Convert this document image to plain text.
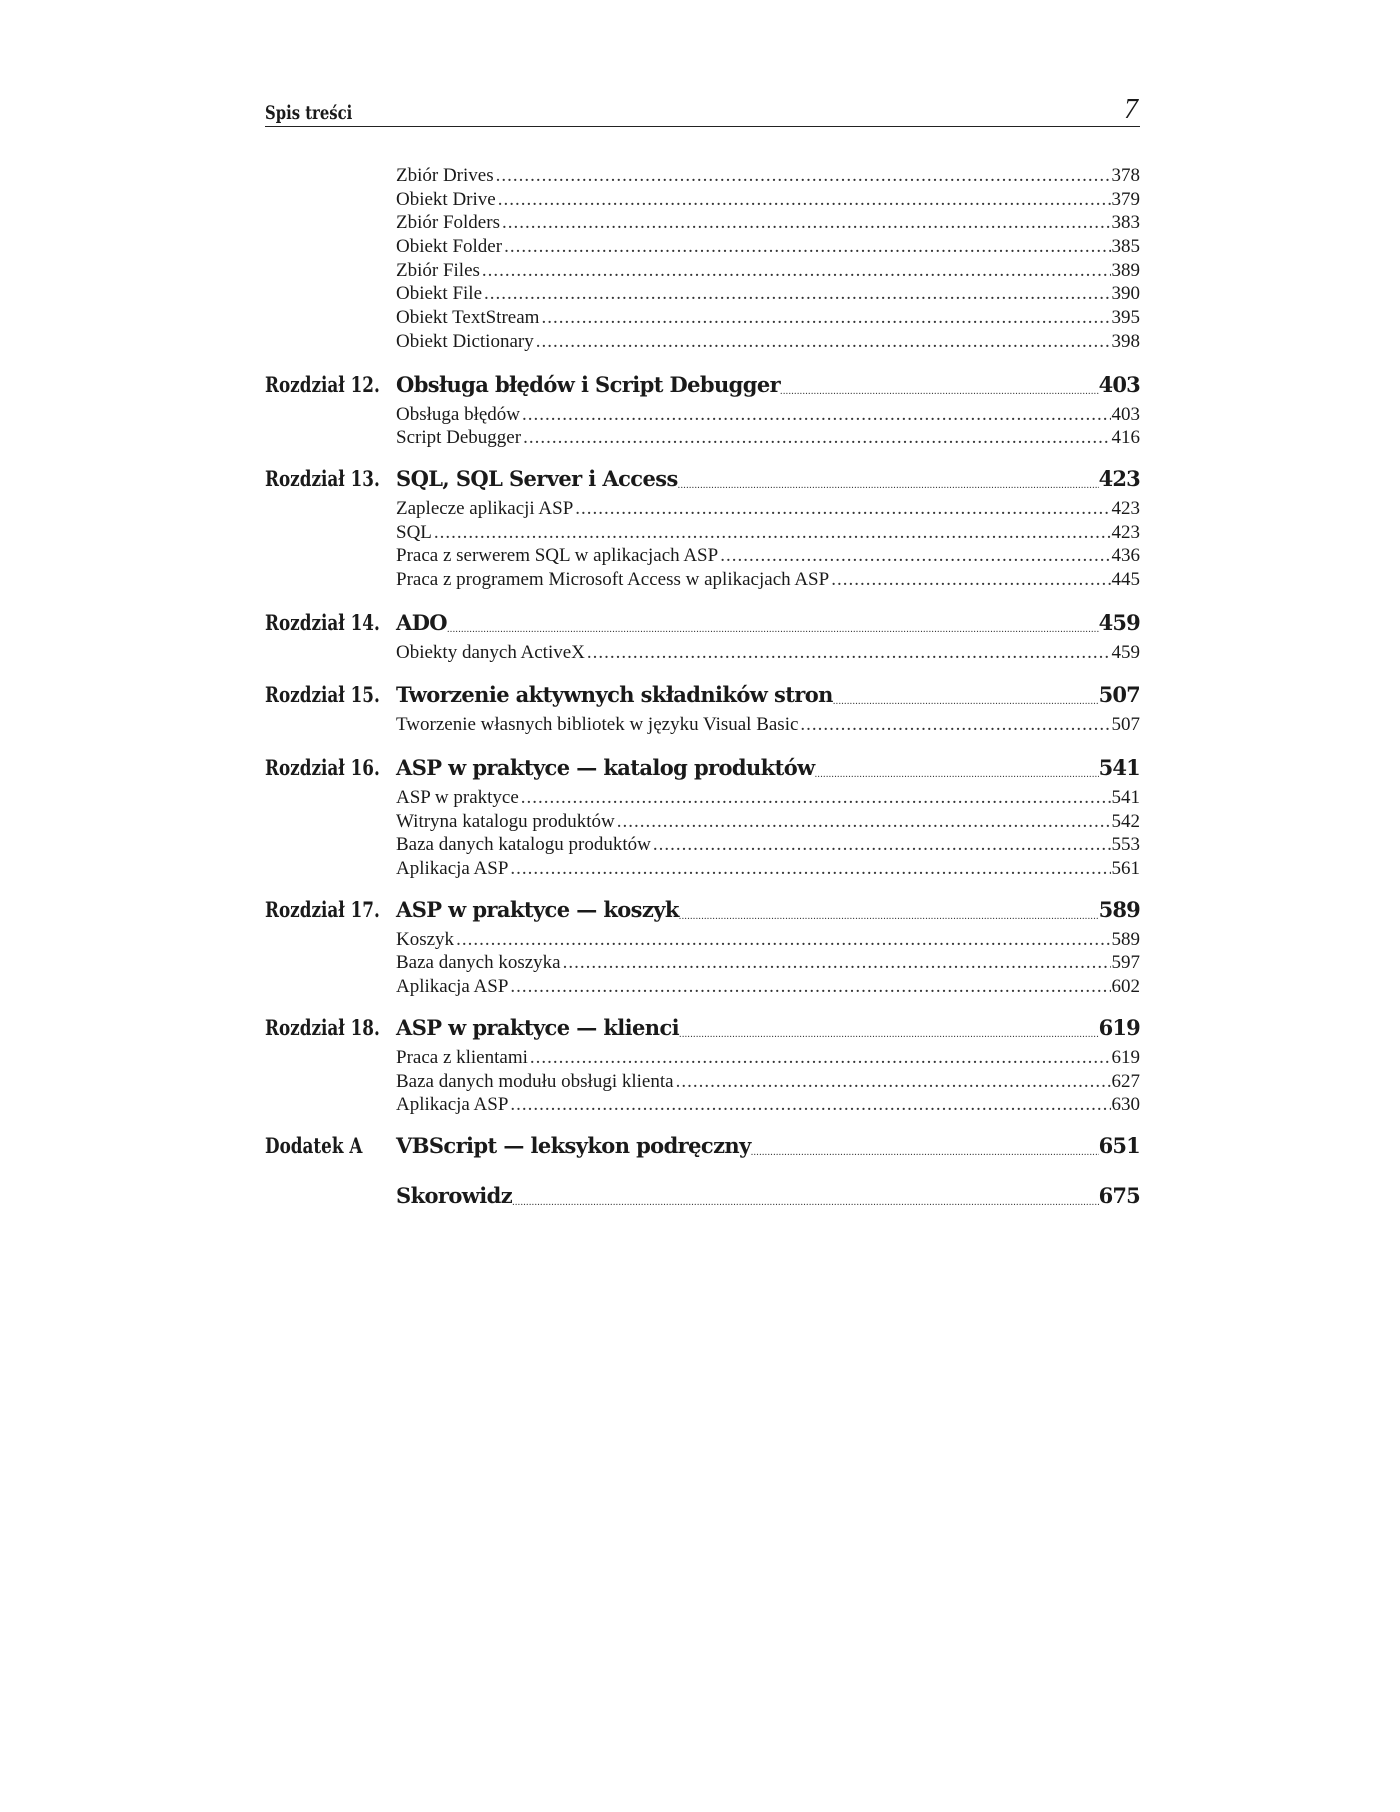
Spis treści	7
Zbiór Drives .....	378
Obiekt Drive .....	379
Zbiór Folders .....	383
Obiekt Folder .....	385
Zbiór Files .....	389
Obiekt File .....	390
Obiekt TextStream .....	395
Obiekt Dictionary .....	398
Rozdział 12. Obsługa błędów i Script Debugger .....	403
Obsługa błędów .....	403
Script Debugger .....	416
Rozdział 13. SQL, SQL Server i Access .....	423
Zaplecze aplikacji ASP .....	423
SQL .....	423
Praca z serwerem SQL w aplikacjach ASP .....	436
Praca z programem Microsoft Access w aplikacjach ASP .....	445
Rozdział 14. ADO .....	459
Obiekty danych ActiveX .....	459
Rozdział 15. Tworzenie aktywnych składników stron .....	507
Tworzenie własnych bibliotek w języku Visual Basic .....	507
Rozdział 16. ASP w praktyce — katalog produktów .....	541
ASP w praktyce .....	541
Witryna katalogu produktów .....	542
Baza danych katalogu produktów .....	553
Aplikacja ASP .....	561
Rozdział 17. ASP w praktyce — koszyk .....	589
Koszyk .....	589
Baza danych koszyka .....	597
Aplikacja ASP .....	602
Rozdział 18. ASP w praktyce — klienci .....	619
Praca z klientami .....	619
Baza danych modułu obsługi klienta .....	627
Aplikacja ASP .....	630
Dodatek A	VBScript — leksykon podręczny .....	651
Skorowidz .....	675
